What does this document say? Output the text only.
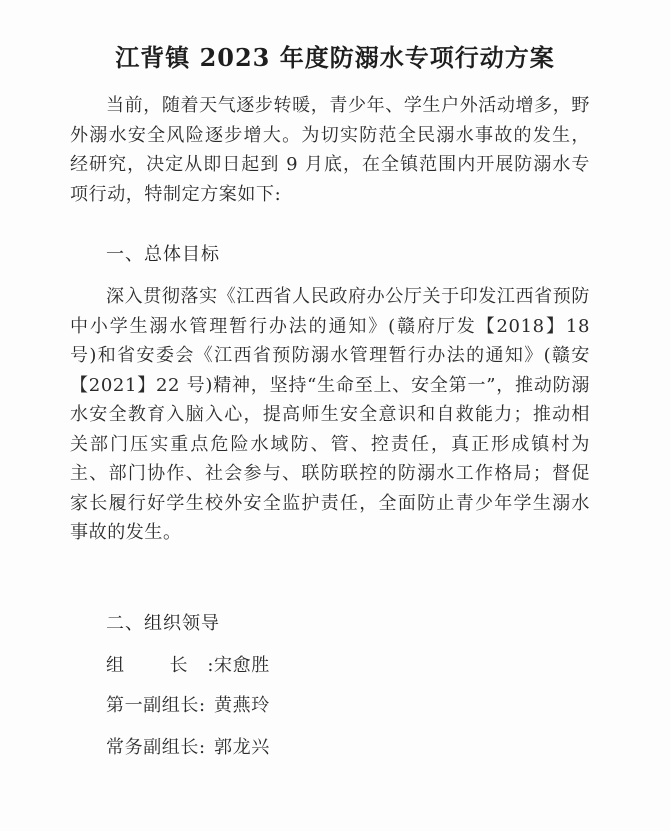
江背镇 2023 年度防溺水专项行动方案
当前，随着天气逐步转暖，青少年、学生户外活动增多，野外溺水安全风险逐步增大。为切实防范全民溺水事故的发生，经研究，决定从即日起到 9 月底，在全镇范围内开展防溺水专项行动，特制定方案如下:
一、总体目标
深入贯彻落实《江西省人民政府办公厅关于印发江西省预防中小学生溺水管理暂行办法的通知》(赣府厅发【2018】18 号)和省安委会《江西省预防溺水管理暂行办法的通知》(赣安【2021】22 号)精神，坚持“生命至上、安全第一”，推动防溺水安全教育入脑入心，提高师生安全意识和自救能力；推动相关部门压实重点危险水域防、管、控责任，真正形成镇村为主、部门协作、社会参与、联防联控的防溺水工作格局；督促家长履行好学生校外安全监护责任，全面防止青少年学生溺水事故的发生。
二、组织领导
组 长:宋愈胜
第一副组长: 黄燕玲
常务副组长: 郭龙兴
